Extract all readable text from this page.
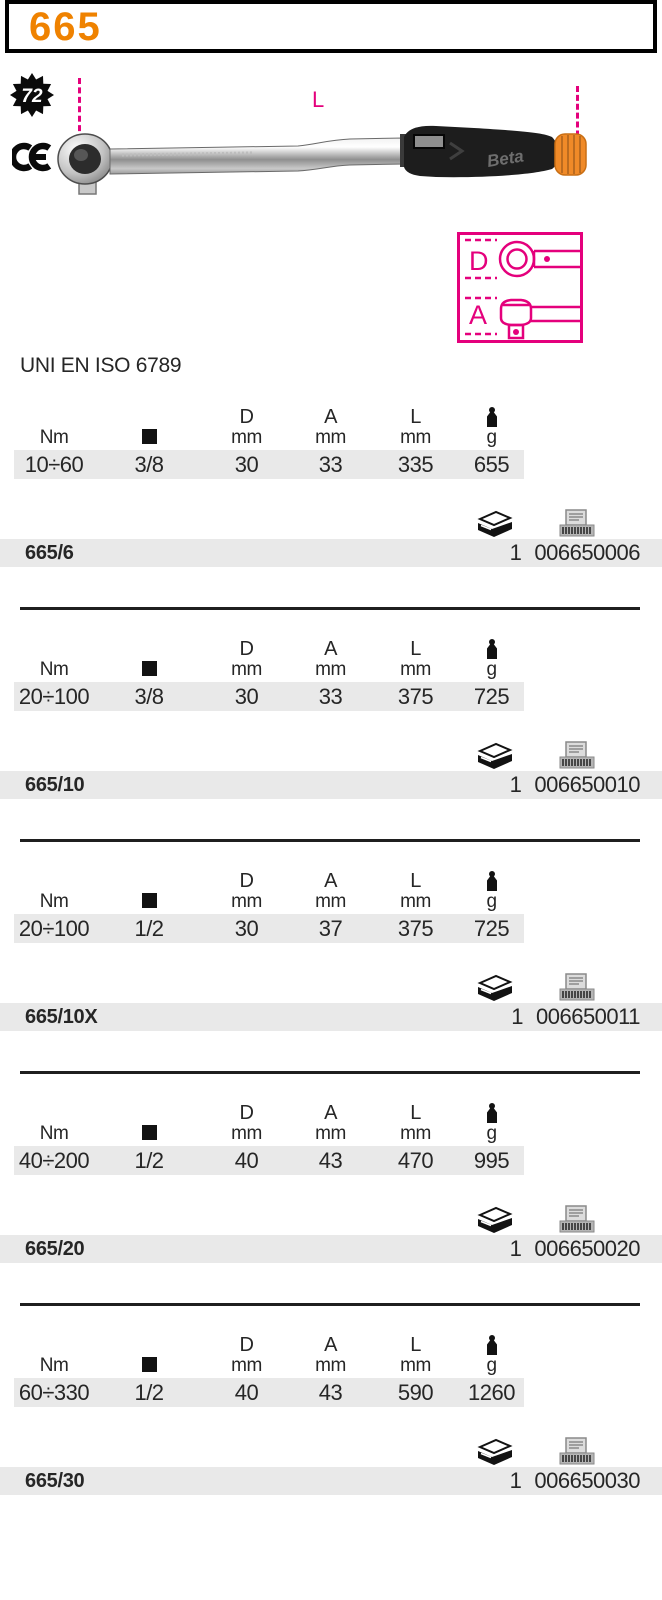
665
72	L
Beta
D
A
UNI EN ISO 6789
D	A	L
Nm	mm	mm	mm	g
10÷60	3/8	30	33	335	655
665/6	1 006650006
D	A	L
Nm	mm	mm	mm	g
20÷100	3/8	30	33	375	725
665/10	1 006650010
D	A	L
Nm	mm	mm	mm	g
20÷100	1/2	30	37	375	725
665/10X	1 006650011
D	A	L
Nm	mm	mm	mm	g
40÷200	1/2	40	43	470	995
665/20	1 006650020
D	A	L
Nm	mm	mm	mm	g
60÷330	1/2	40	43	590	1260
665/30	1 006650030
